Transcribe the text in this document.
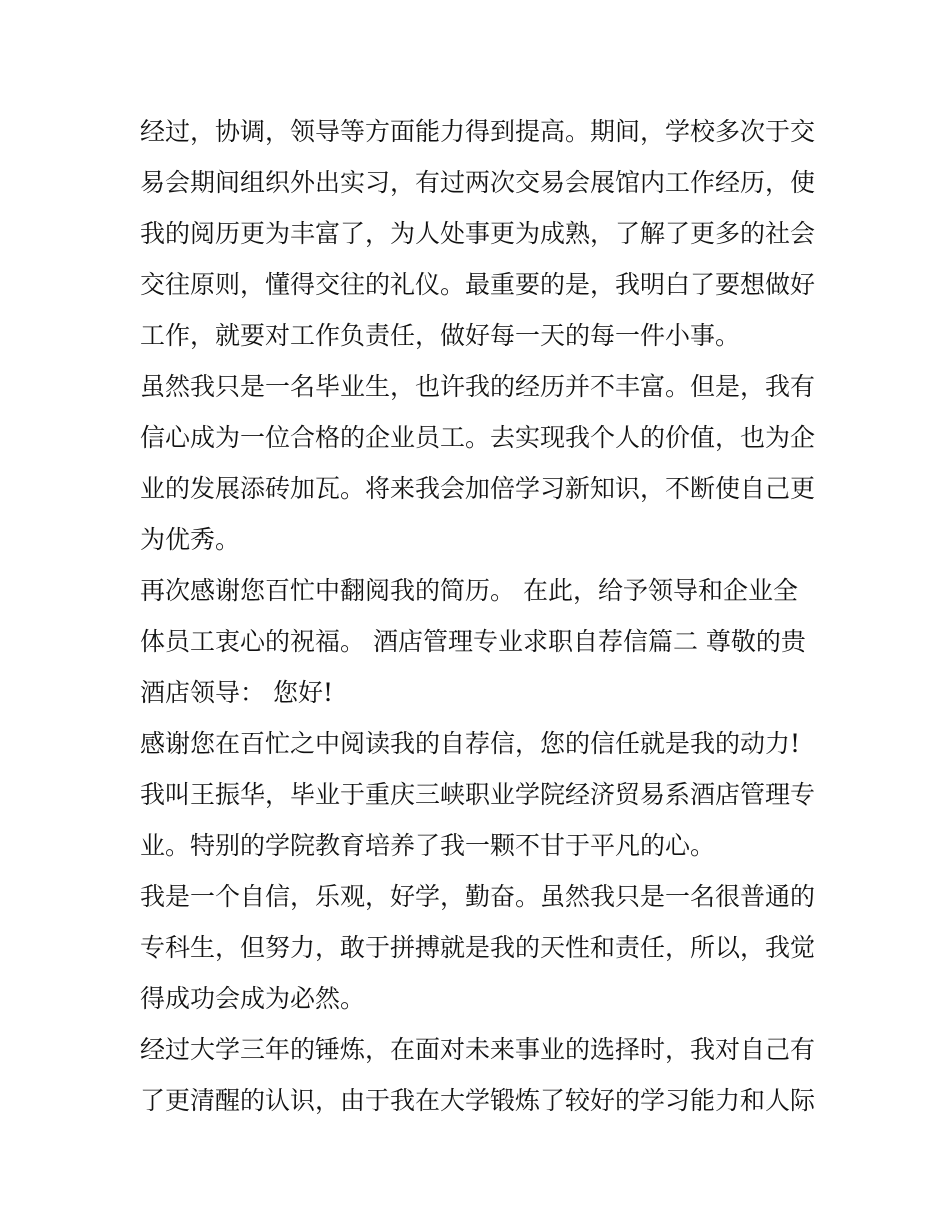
经过，协调，领导等方面能力得到提高。期间，学校多次于交
易会期间组织外出实习，有过两次交易会展馆内工作经历，使
我的阅历更为丰富了，为人处事更为成熟，了解了更多的社会
交往原则，懂得交往的礼仪。最重要的是，我明白了要想做好
工作，就要对工作负责任，做好每一天的每一件小事。
虽然我只是一名毕业生，也许我的经历并不丰富。但是，我有
信心成为一位合格的企业员工。去实现我个人的价值，也为企
业的发展添砖加瓦。将来我会加倍学习新知识，不断使自己更
为优秀。
再次感谢您百忙中翻阅我的简历。 在此，给予领导和企业全
体员工衷心的祝福。 酒店管理专业求职自荐信篇二 尊敬的贵
酒店领导： 您好!
感谢您在百忙之中阅读我的自荐信，您的信任就是我的动力!
我叫王振华，毕业于重庆三峡职业学院经济贸易系酒店管理专
业。特别的学院教育培养了我一颗不甘于平凡的心。
我是一个自信，乐观，好学，勤奋。虽然我只是一名很普通的
专科生，但努力，敢于拼搏就是我的天性和责任，所以，我觉
得成功会成为必然。
经过大学三年的锤炼，在面对未来事业的选择时，我对自己有
了更清醒的认识，由于我在大学锻炼了较好的学习能力和人际
